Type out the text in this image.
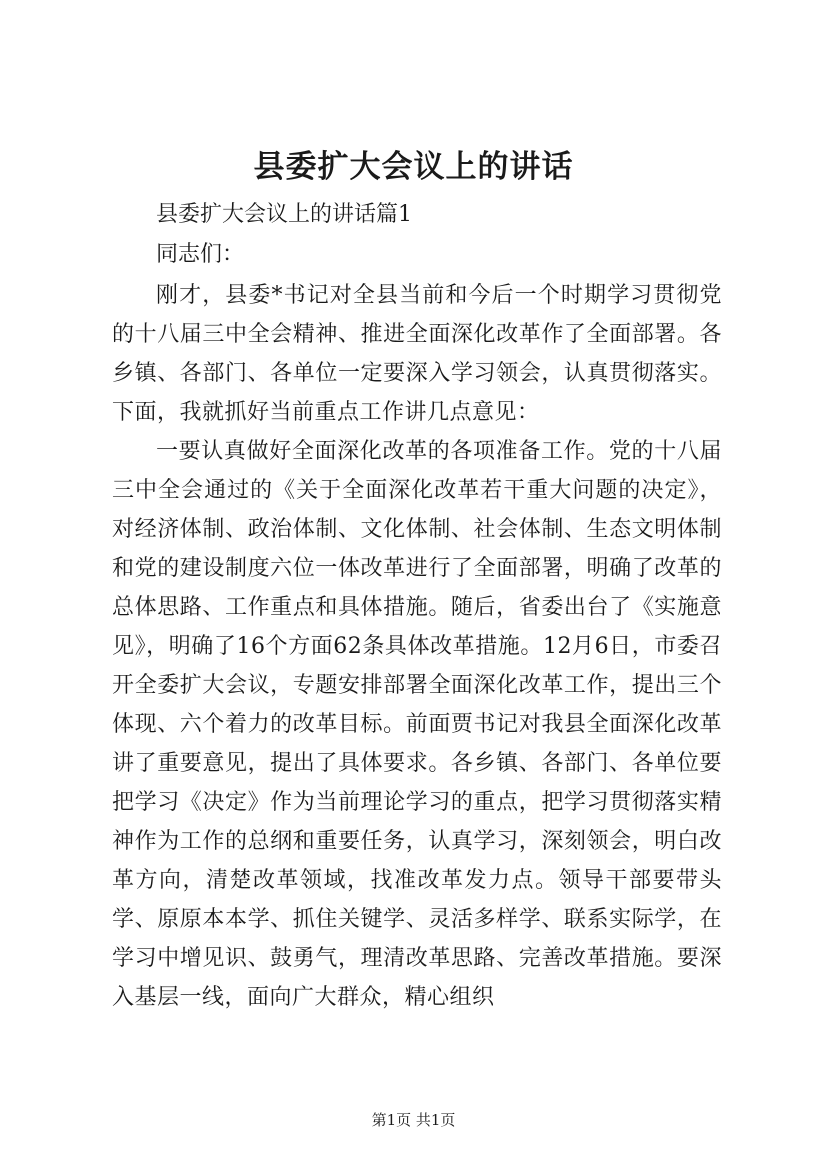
县委扩大会议上的讲话
县委扩大会议上的讲话篇1
同志们：
刚才，县委*书记对全县当前和今后一个时期学习贯彻党的十八届三中全会精神、推进全面深化改革作了全面部署。各乡镇、各部门、各单位一定要深入学习领会，认真贯彻落实。下面，我就抓好当前重点工作讲几点意见：
一要认真做好全面深化改革的各项准备工作。党的十八届三中全会通过的《关于全面深化改革若干重大问题的决定》，对经济体制、政治体制、文化体制、社会体制、生态文明体制和党的建设制度六位一体改革进行了全面部署，明确了改革的总体思路、工作重点和具体措施。随后，省委出台了《实施意见》，明确了16个方面62条具体改革措施。12月6日，市委召开全委扩大会议，专题安排部署全面深化改革工作，提出三个体现、六个着力的改革目标。前面贾书记对我县全面深化改革讲了重要意见，提出了具体要求。各乡镇、各部门、各单位要把学习《决定》作为当前理论学习的重点，把学习贯彻落实精神作为工作的总纲和重要任务，认真学习，深刻领会，明白改革方向，清楚改革领域，找准改革发力点。领导干部要带头学、原原本本学、抓住关键学、灵活多样学、联系实际学，在学习中增见识、鼓勇气，理清改革思路、完善改革措施。要深入基层一线，面向广大群众，精心组织
第1页 共1页
